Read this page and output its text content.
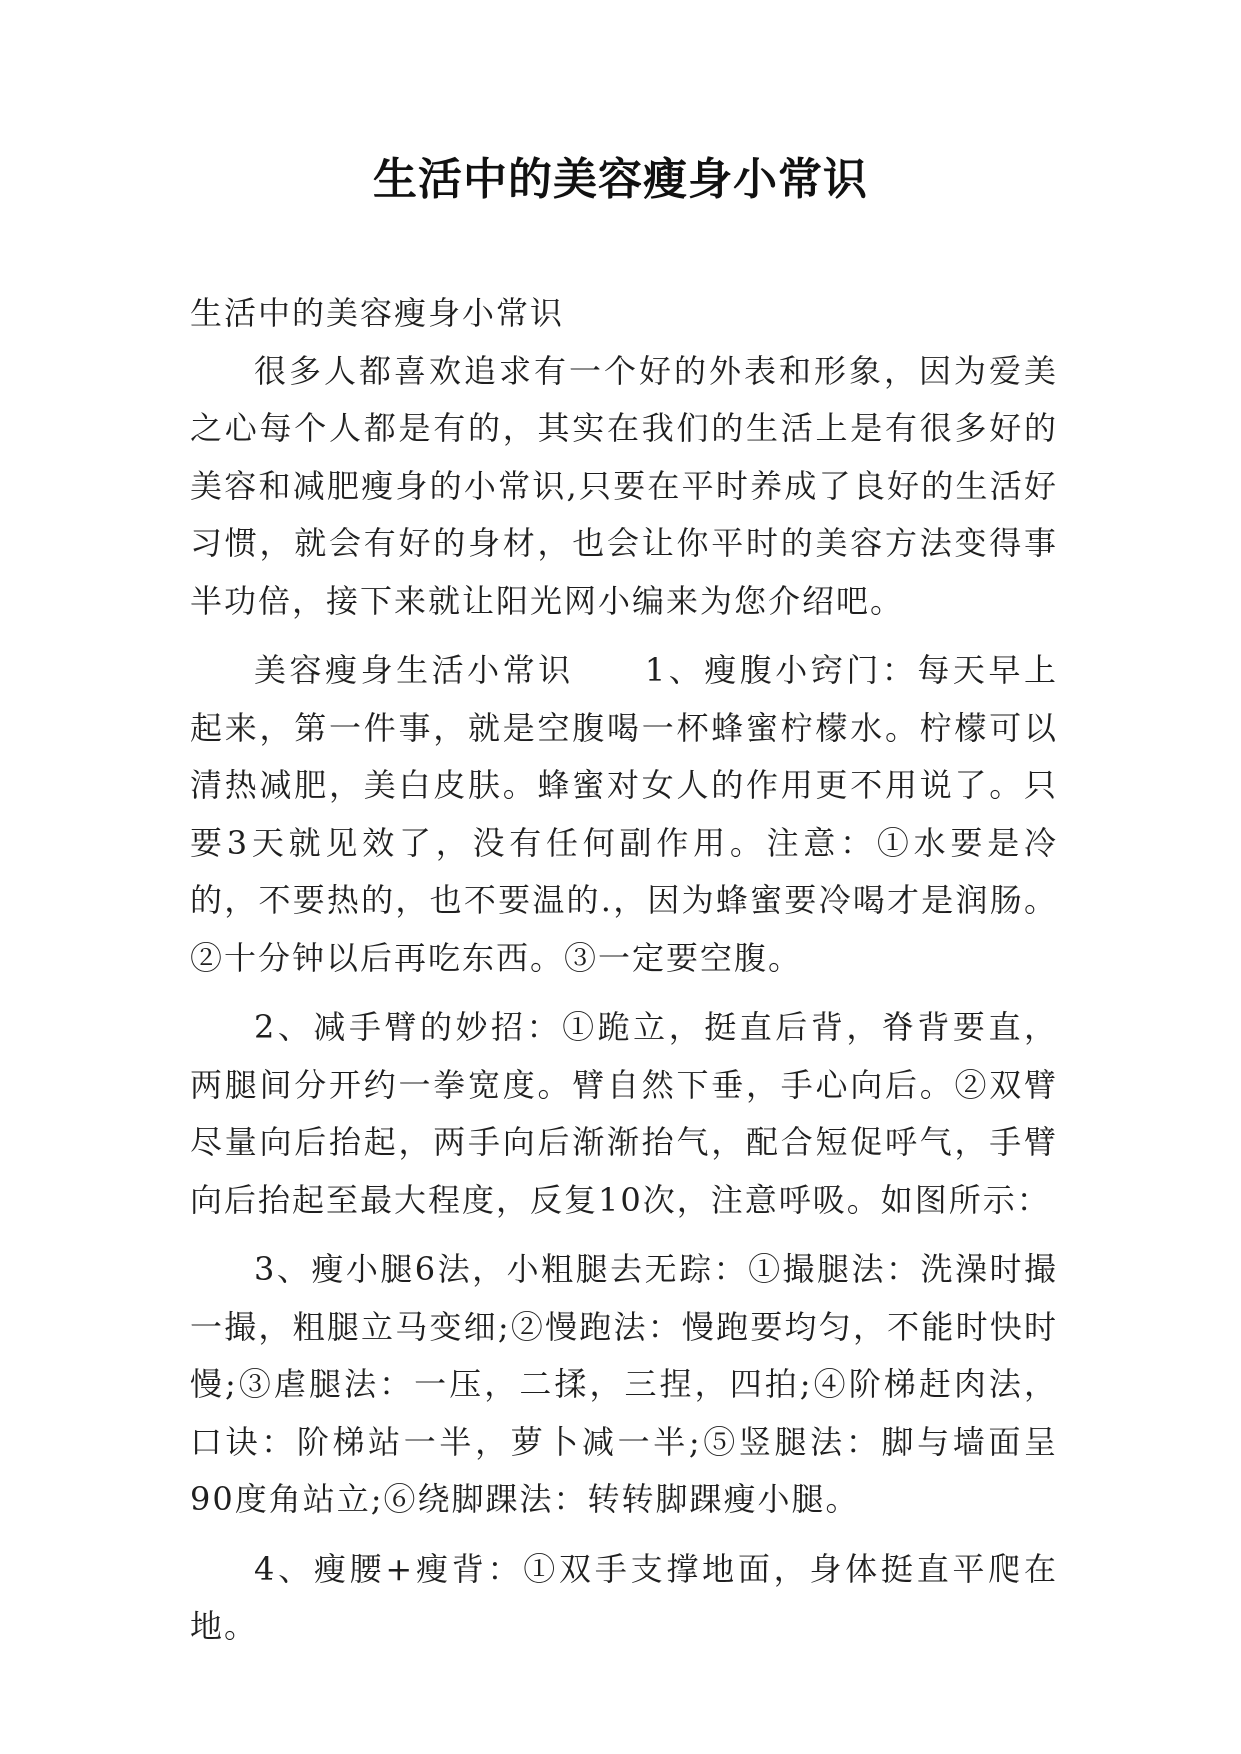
生活中的美容瘦身小常识

生活中的美容瘦身小常识

很多人都喜欢追求有一个好的外表和形象，因为爱美之心每个人都是有的，其实在我们的生活上是有很多好的美容和减肥瘦身的小常识,只要在平时养成了良好的生活好习惯，就会有好的身材，也会让你平时的美容方法变得事半功倍，接下来就让阳光网小编来为您介绍吧。

美容瘦身生活小常识　　1、瘦腹小窍门：每天早上起来，第一件事，就是空腹喝一杯蜂蜜柠檬水。柠檬可以清热减肥，美白皮肤。蜂蜜对女人的作用更不用说了。只要3天就见效了，没有任何副作用。注意：①水要是冷的，不要热的，也不要温的.，因为蜂蜜要冷喝才是润肠。②十分钟以后再吃东西。③一定要空腹。

2、减手臂的妙招：①跪立，挺直后背，脊背要直，两腿间分开约一拳宽度。臂自然下垂，手心向后。②双臂尽量向后抬起，两手向后渐渐抬气，配合短促呼气，手臂向后抬起至最大程度，反复10次，注意呼吸。如图所示：

3、瘦小腿6法，小粗腿去无踪：①撮腿法：洗澡时撮一撮，粗腿立马变细;②慢跑法：慢跑要均匀，不能时快时慢;③虐腿法：一压，二揉，三捏，四拍;④阶梯赶肉法，口诀：阶梯站一半，萝卜减一半;⑤竖腿法：脚与墙面呈90度角站立;⑥绕脚踝法：转转脚踝瘦小腿。

4、瘦腰+瘦背：①双手支撑地面，身体挺直平爬在地。
